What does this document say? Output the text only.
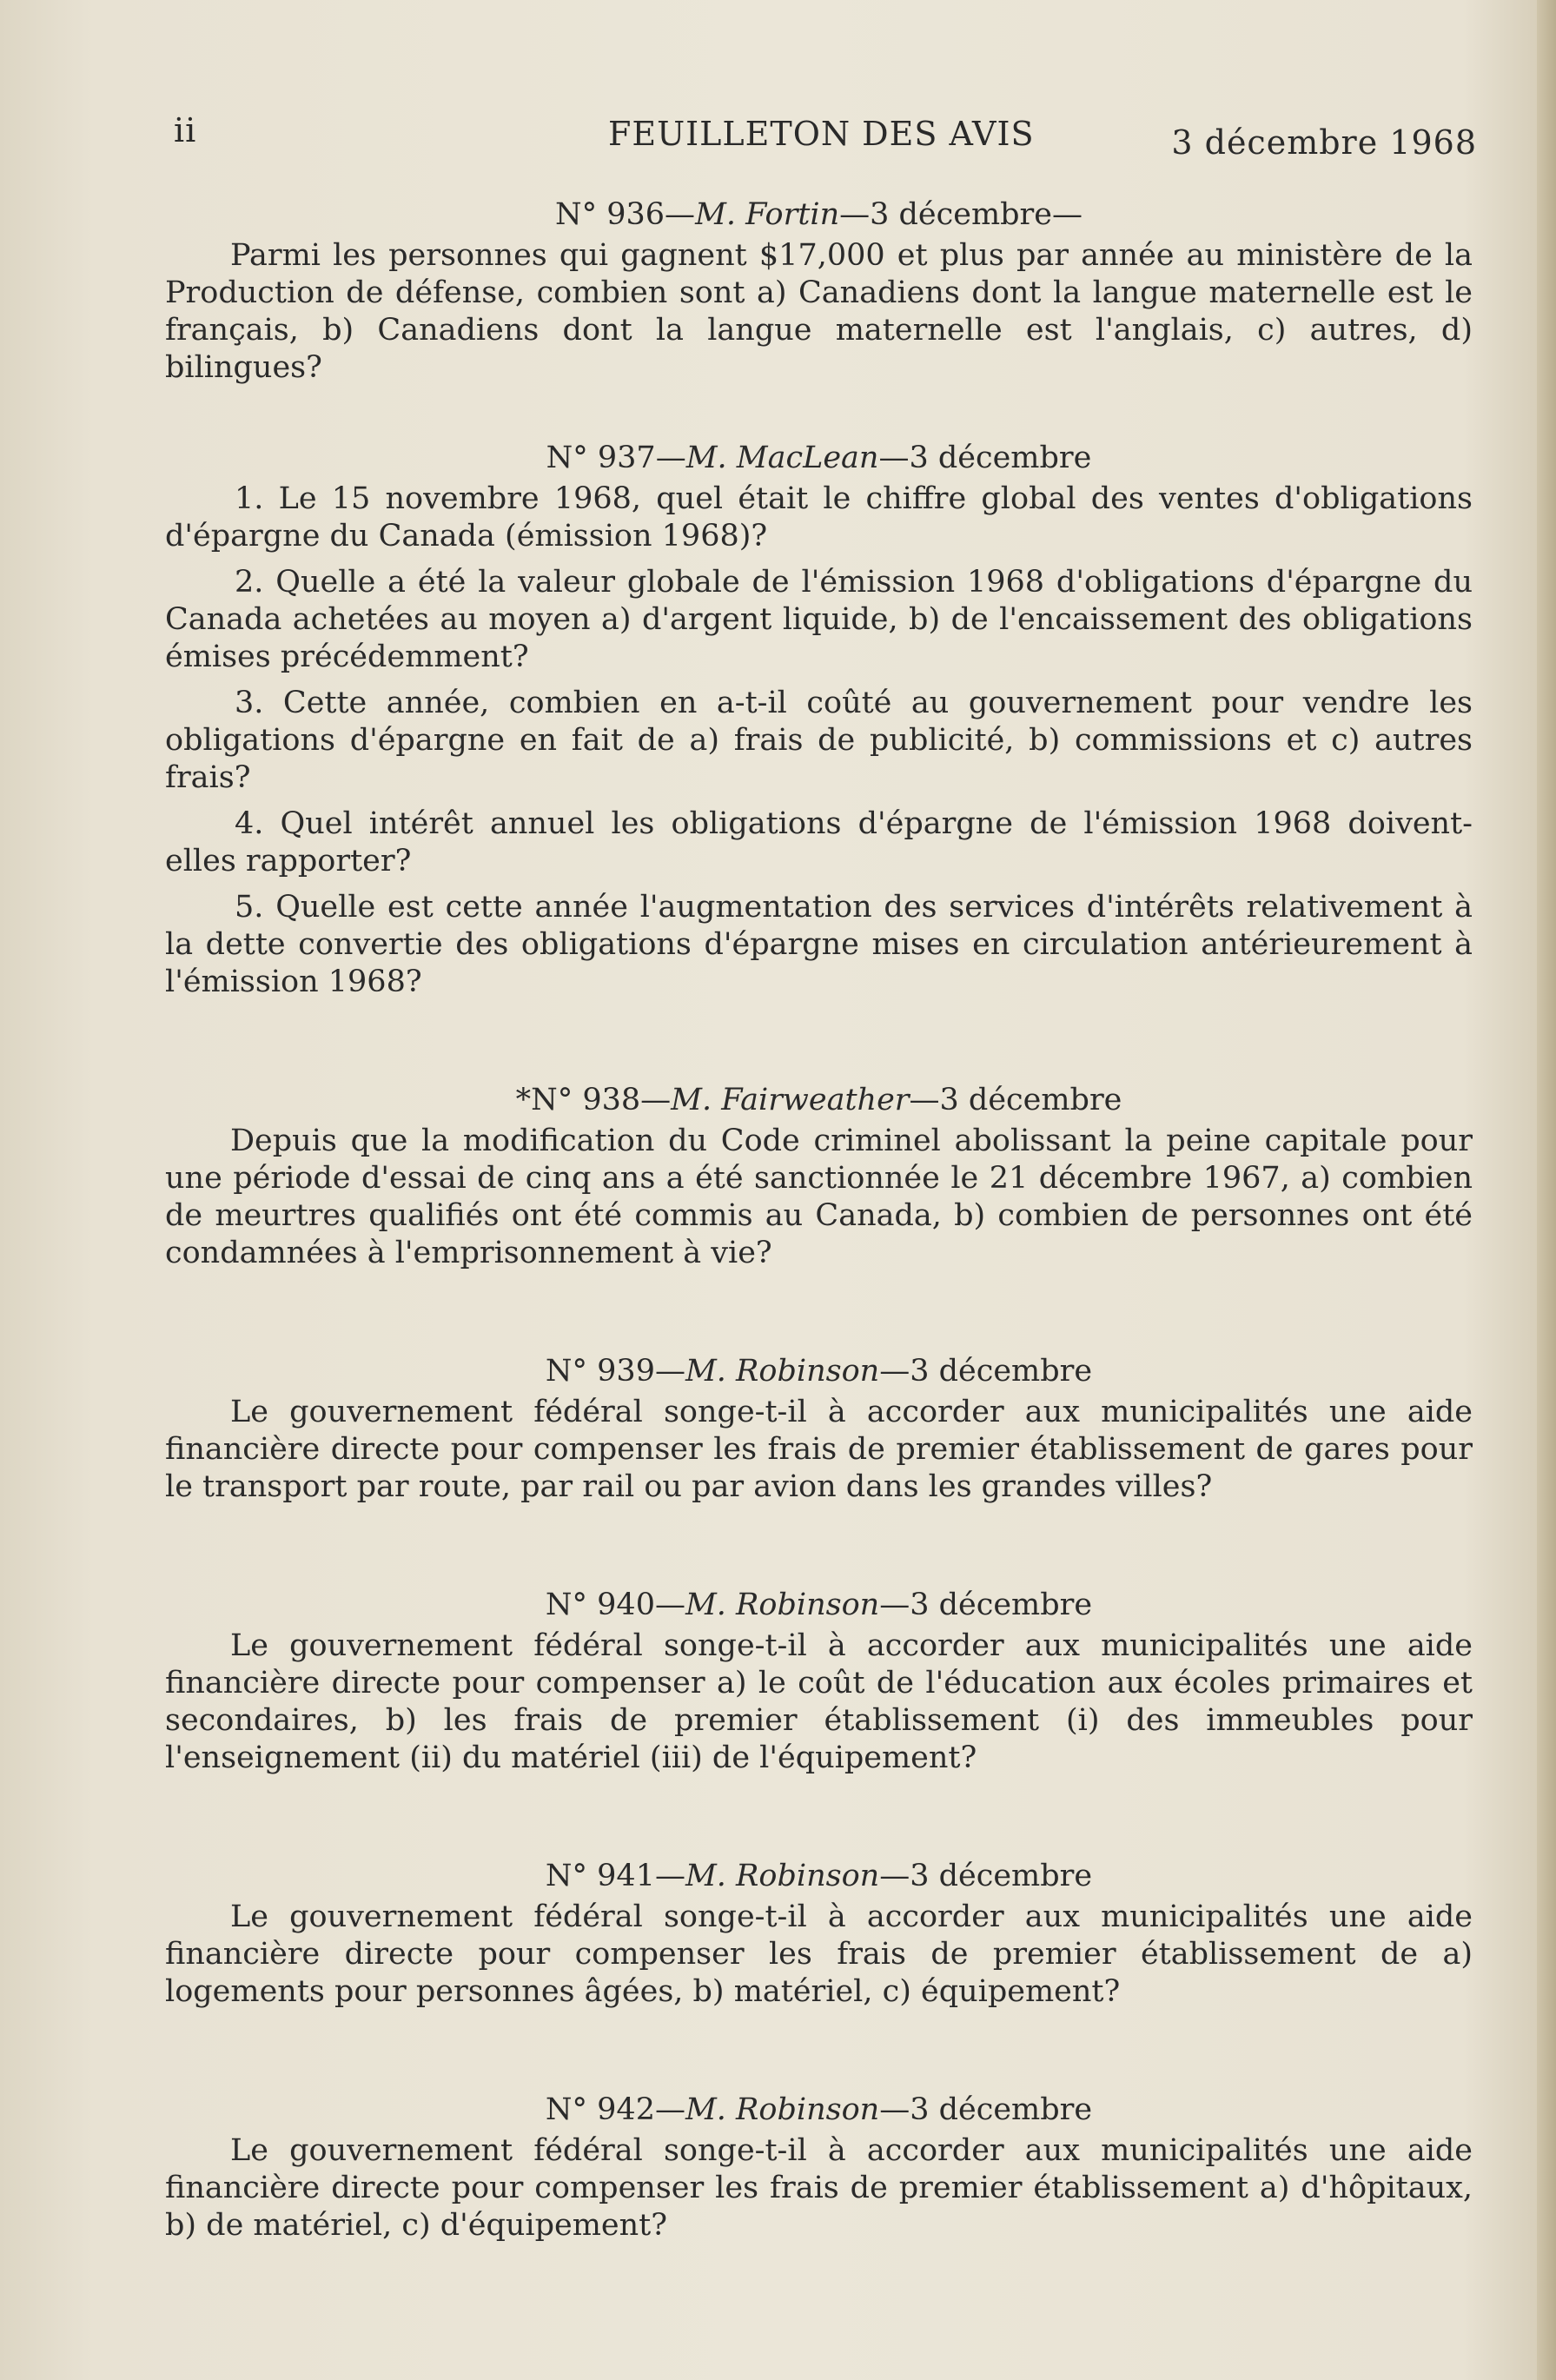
ii	FEUILLETON DES AVIS	3 décembre 1968

N° 936—M. Fortin—3 décembre—

Parmi les personnes qui gagnent $17,000 et plus par année au ministère de la Production de défense, combien sont a) Canadiens dont la langue maternelle est le français, b) Canadiens dont la langue maternelle est l'anglais, c) autres, d) bilingues?

N° 937—M. MacLean—3 décembre

1. Le 15 novembre 1968, quel était le chiffre global des ventes d'obligations d'épargne du Canada (émission 1968)?

2. Quelle a été la valeur globale de l'émission 1968 d'obligations d'épargne du Canada achetées au moyen a) d'argent liquide, b) de l'encaissement des obligations émises précédemment?

3. Cette année, combien en a-t-il coûté au gouvernement pour vendre les obligations d'épargne en fait de a) frais de publicité, b) commissions et c) autres frais?

4. Quel intérêt annuel les obligations d'épargne de l'émission 1968 doivent-elles rapporter?

5. Quelle est cette année l'augmentation des services d'intérêts relativement à la dette convertie des obligations d'épargne mises en circulation antérieurement à l'émission 1968?

*N° 938—M. Fairweather—3 décembre

Depuis que la modification du Code criminel abolissant la peine capitale pour une période d'essai de cinq ans a été sanctionnée le 21 décembre 1967, a) combien de meurtres qualifiés ont été commis au Canada, b) combien de personnes ont été condamnées à l'emprisonnement à vie?

N° 939—M. Robinson—3 décembre

Le gouvernement fédéral songe-t-il à accorder aux municipalités une aide financière directe pour compenser les frais de premier établissement de gares pour le transport par route, par rail ou par avion dans les grandes villes?

N° 940—M. Robinson—3 décembre

Le gouvernement fédéral songe-t-il à accorder aux municipalités une aide financière directe pour compenser a) le coût de l'éducation aux écoles primaires et secondaires, b) les frais de premier établissement (i) des immeubles pour l'enseignement (ii) du matériel (iii) de l'équipement?

N° 941—M. Robinson—3 décembre

Le gouvernement fédéral songe-t-il à accorder aux municipalités une aide financière directe pour compenser les frais de premier établissement de a) logements pour personnes âgées, b) matériel, c) équipement?

N° 942—M. Robinson—3 décembre

Le gouvernement fédéral songe-t-il à accorder aux municipalités une aide financière directe pour compenser les frais de premier établissement a) d'hôpitaux, b) de matériel, c) d'équipement?
